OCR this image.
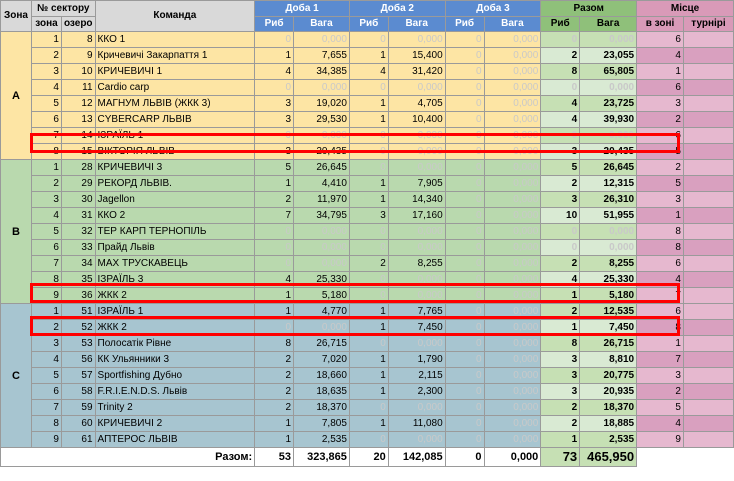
Зона	№ сектору		Команда	Доба 1		Доба 2		Доба 3		Разом		Місце	
	зона	озеро		Риб	Вага	Риб	Вага	Риб	Вага	Риб	Вага	в зоні	турнірі
A	1	8	ККО 1	0	0,000	0	0,000	0	0,000	0	0,000	6	
	2	9	Кричевичі Закарпаття 1	1	7,655	1	15,400	0	0,000	2	23,055	4	
	3	10	КРИЧЕВИЧІ 1	4	34,385	4	31,420	0	0,000	8	65,805	1	
	4	11	Cardio carp	0	0,000	0	0,000	0	0,000	0	0,000	6	
	5	12	МАГНУМ ЛЬВІВ (ЖКК 3)	3	19,020	1	4,705	0	0,000	4	23,725	3	
	6	13	CYBERCARP ЛЬВІВ	3	29,530	1	10,400	0	0,000	4	39,930	2	
	7	14	ІЗРАЇЛЬ 1	0	0,000	0	0,000	0	0,000	0	0,000	6	
	8	15	ВІКТОРІЯ ЛЬВІВ	3	20,435	0	0,000	0	0,000	3	20,435	5	
B	1	28	КРИЧЕВИЧІ 3	5	26,645	0	0,000	0	0,000	5	26,645	2	
	2	29	РЕКОРД ЛЬВІВ.	1	4,410	1	7,905	0	0,000	2	12,315	5	
	3	30	Jagellon	2	11,970	1	14,340	0	0,000	3	26,310	3	
	4	31	ККО 2	7	34,795	3	17,160	0	0,000	10	51,955	1	
	5	32	ТЕР КАРП ТЕРНОПІЛЬ	0	0,000	0	0,000	0	0,000	0	0,000	8	
	6	33	Прайд Львів	0	0,000	0	0,000	0	0,000	0	0,000	8	
	7	34	MAX ТРУСКАВЕЦЬ	0	0,000	2	8,255	0	0,000	2	8,255	6	
	8	35	ІЗРАЇЛЬ 3	4	25,330	0	0,000	0	0,000	4	25,330	4	
	9	36	ЖКК 2	1	5,180	0	0,000	0	0,000	1	5,180	7	
C	1	51	ІЗРАЇЛЬ 1	1	4,770	1	7,765	0	0,000	2	12,535	6	
	2	52	ЖКК 2	0	0,000	1	7,450	0	0,000	1	7,450	8	
	3	53	Полосатік Рівне	8	26,715	0	0,000	0	0,000	8	26,715	1	
	4	56	КК Ульянники 3	2	7,020	1	1,790	0	0,000	3	8,810	7	
	5	57	Sportfishing Дубно	2	18,660	1	2,115	0	0,000	3	20,775	3	
	6	58	F.R.I.E.N.D.S. Львів	2	18,635	1	2,300	0	0,000	3	20,935	2	
	7	59	Trinity 2	2	18,370	0	0,000	0	0,000	2	18,370	5	
	8	60	КРИЧЕВИЧІ 2	1	7,805	1	11,080	0	0,000	2	18,885	4	
	9	61	АПТЕРОС ЛЬВІВ	1	2,535	0	0,000	0	0,000	1	2,535	9	
Разом:				53	323,865	20	142,085	0	0,000	73	465,950		
